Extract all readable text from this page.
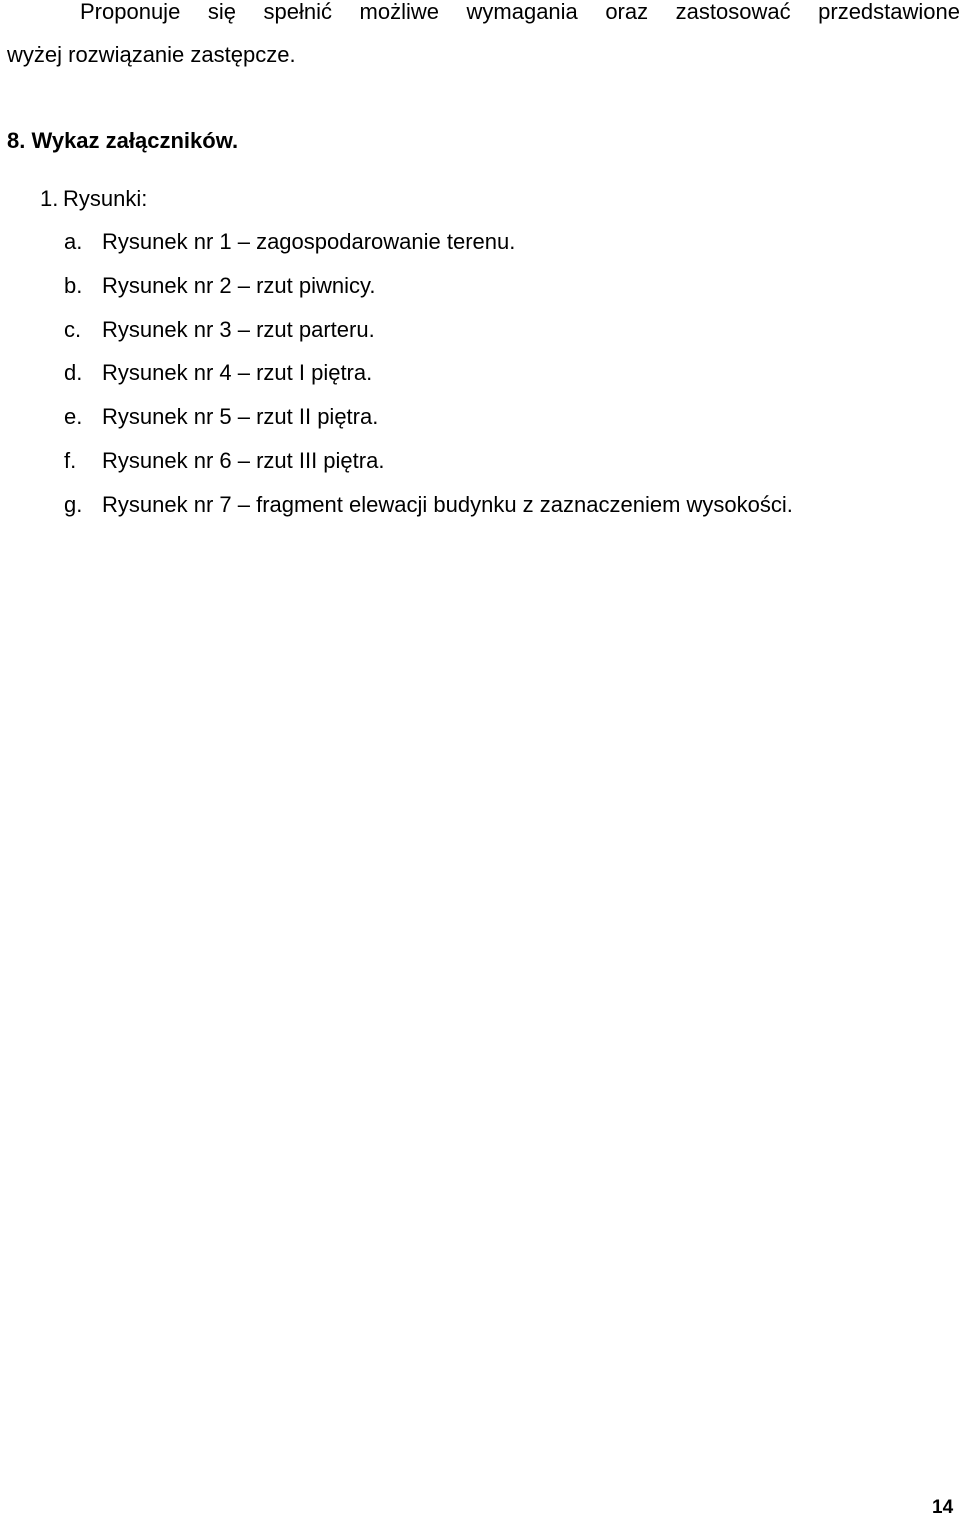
Proponuje się spełnić możliwe wymagania oraz zastosować przedstawione
wyżej rozwiązanie zastępcze.
8. Wykaz załączników.
1. Rysunki:
a. Rysunek nr 1 – zagospodarowanie terenu.
b. Rysunek nr 2 – rzut piwnicy.
c. Rysunek nr 3 – rzut parteru.
d. Rysunek nr 4 – rzut I piętra.
e. Rysunek nr 5 – rzut II piętra.
f. Rysunek nr 6 – rzut III piętra.
g. Rysunek nr 7 – fragment elewacji budynku z zaznaczeniem wysokości.
14
